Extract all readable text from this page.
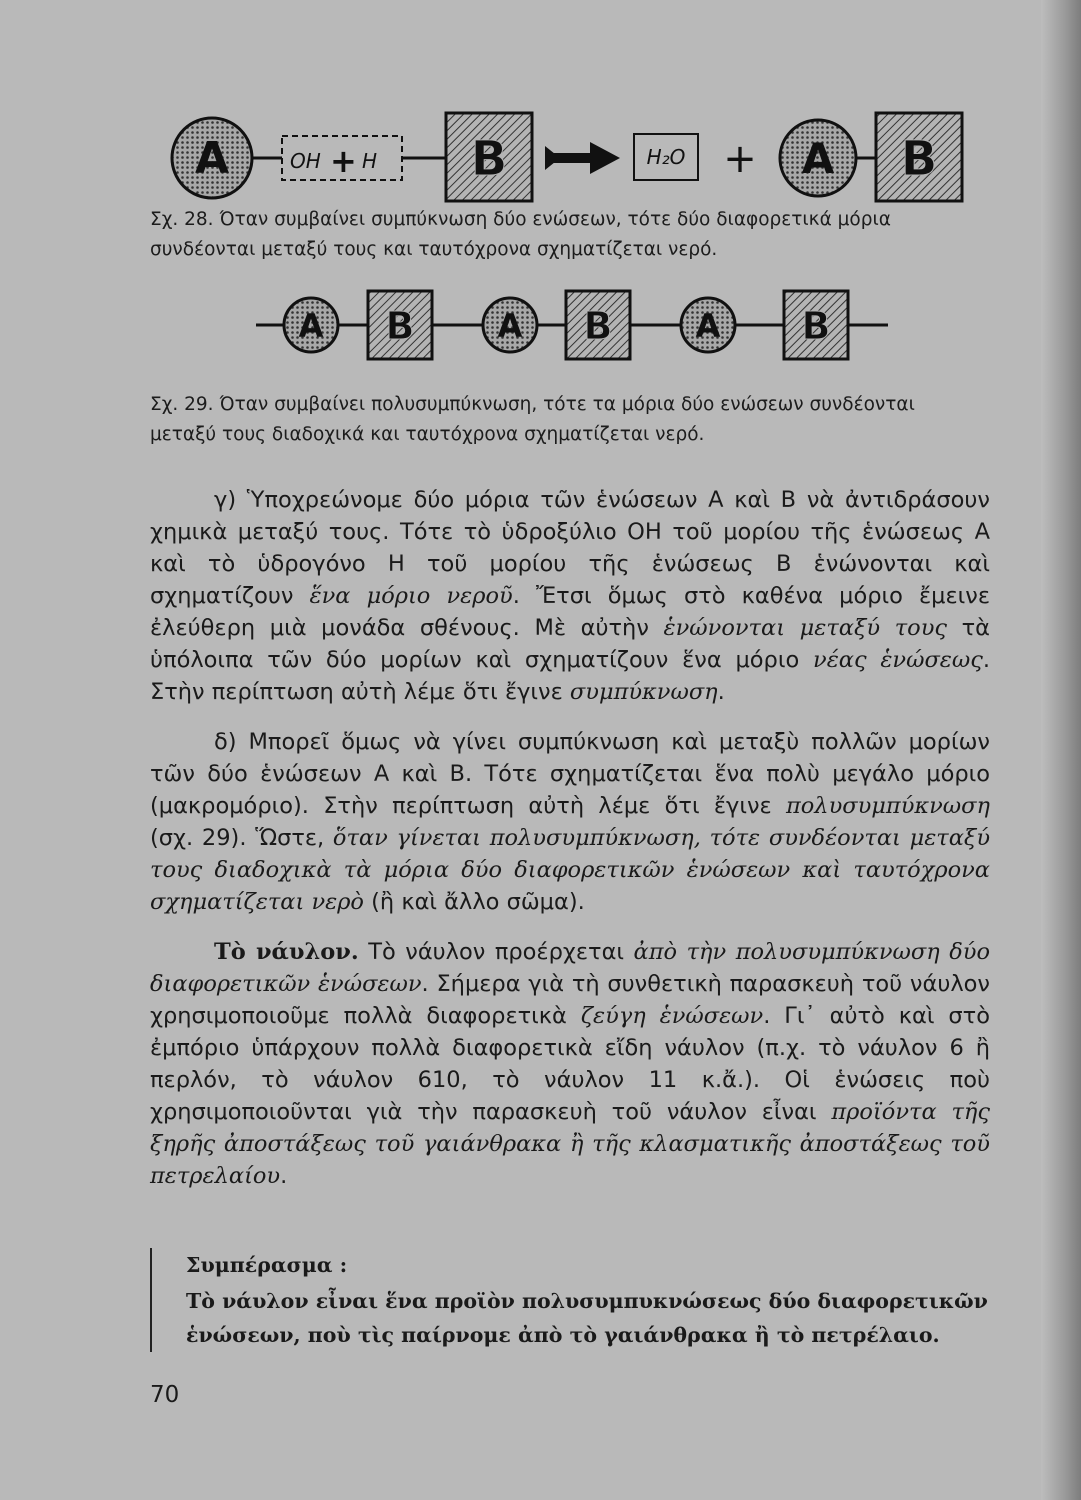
A	OH + H B	H₂O + A B
A B	A B	A B
Σχ. 28. Όταν συμβαίνει συμπύκνωση δύο ενώσεων, τότε δύο διαφορετικά μόρια συνδέονται μεταξύ τους και ταυτόχρονα σχηματίζεται νερό.
Σχ. 29. Όταν συμβαίνει πολυσυμπύκνωση, τότε τα μόρια δύο ενώσεων συνδέονται μεταξύ τους διαδοχικά και ταυτόχρονα σχηματίζεται νερό.

γ) Ὑποχρεώνομε δύο μόρια τῶν ἑνώσεων Α καὶ Β νὰ ἀντιδράσουν χημικὰ μεταξύ τους. Τότε τὸ ὑδροξύλιο ΟΗ τοῦ μορίου τῆς ἑνώσεως Α καὶ τὸ ὑδρογόνο Η τοῦ μορίου τῆς ἑνώσεως Β ἑνώνονται καὶ σχηματίζουν ἕνα μόριο νεροῦ. Ἔτσι ὅμως στὸ καθένα μόριο ἔμεινε ἐλεύθερη μιὰ μονάδα σθένους. Μὲ αὐτὴν ἑνώνονται μεταξύ τους τὰ ὑπόλοιπα τῶν δύο μορίων καὶ σχηματίζουν ἕνα μόριο νέας ἑνώσεως. Στὴν περίπτωση αὐτὴ λέμε ὅτι ἔγινε συμπύκνωση.

δ) Μπορεῖ ὅμως νὰ γίνει συμπύκνωση καὶ μεταξὺ πολλῶν μορίων τῶν δύο ἑνώσεων Α καὶ Β. Τότε σχηματίζεται ἕνα πολὺ μεγάλο μόριο (μακρομόριο). Στὴν περίπτωση αὐτὴ λέμε ὅτι ἔγινε πολυσυμπύκνωση (σχ. 29). Ὥστε, ὅταν γίνεται πολυσυμπύκνωση, τότε συνδέονται μεταξύ τους διαδοχικὰ τὰ μόρια δύο διαφορετικῶν ἑνώσεων καὶ ταυτόχρονα σχηματίζεται νερὸ (ἢ καὶ ἄλλο σῶμα).

Τὸ νάυλον. Τὸ νάυλον προέρχεται ἀπὸ τὴν πολυσυμπύκνωση δύο διαφορετικῶν ἑνώσεων. Σήμερα γιὰ τὴ συνθετικὴ παρασκευὴ τοῦ νάυλον χρησιμοποιοῦμε πολλὰ διαφορετικὰ ζεύγη ἑνώσεων. Γι᾽ αὐτὸ καὶ στὸ ἐμπόριο ὑπάρχουν πολλὰ διαφορετικὰ εἴδη νάυλον (π.χ. τὸ νάυλον 6 ἢ περλόν, τὸ νάυλον 610, τὸ νάυλον 11 κ.ἄ.). Οἱ ἑνώσεις ποὺ χρησιμοποιοῦνται γιὰ τὴν παρασκευὴ τοῦ νάυλον εἶναι προϊόντα τῆς ξηρῆς ἀποστάξεως τοῦ γαιάνθρακα ἢ τῆς κλασματικῆς ἀποστάξεως τοῦ πετρελαίου.

Συμπέρασμα :
Τὸ νάυλον εἶναι ἕνα προϊὸν πολυσυμπυκνώσεως δύο διαφορετικῶν ἑνώσεων, ποὺ τὶς παίρνομε ἀπὸ τὸ γαιάνθρακα ἢ τὸ πετρέλαιο.
70
